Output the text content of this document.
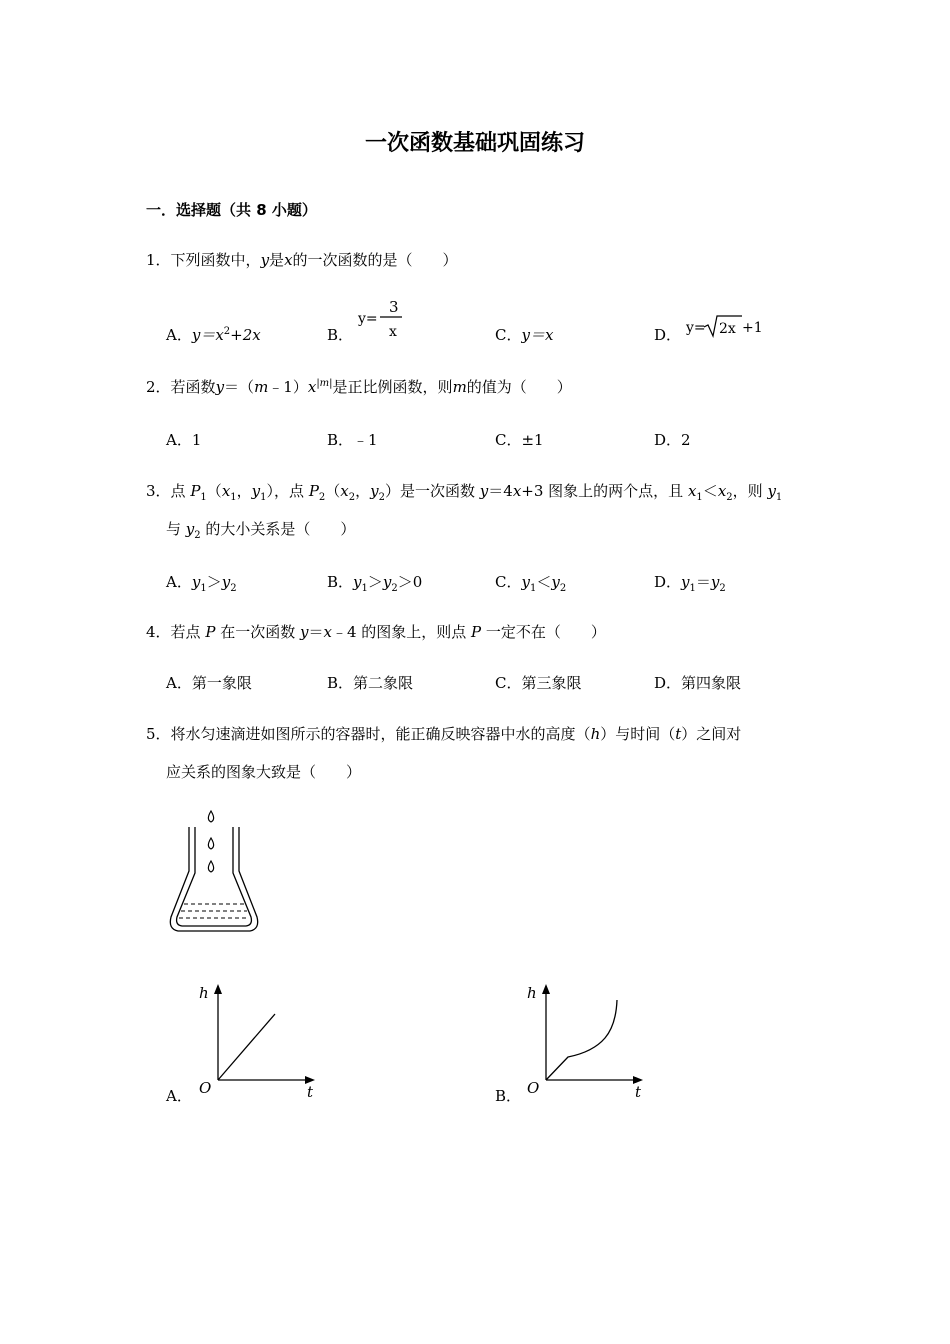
一次函数基础巩固练习
一．选择题（共 8 小题）
1．下列函数中，y是x的一次函数的是（　　）
A．$y=x^2+2x$	B．
y=
3
x	C．y＝x	D． y= 2x +1
2．若函数$y=(m﹣1)x^{|m|}$是正比例函数，则m的值为（　　）
A．1	B．﹣1	C．±1	D．2
3．点 $P_1(x_1$，$y_1$），点 $P_2(x_2$，$y_2$）是一次函数 y＝4x+3 图象上的两个点，且 $x_1<x_2$，则 $y_1$
与 $y_2$ 的大小关系是（　　）
A．$y_1>y_2$	B．$y_1>y_2>0$	C．$y_1<y_2$	D．$y_1=y_2$
4．若点 P 在一次函数 y＝x﹣4 的图象上，则点 P 一定不在（　　）
A．第一象限	B．第二象限	C．第三象限	D．第四象限
5．将水匀速滴进如图所示的容器时，能正确反映容器中水的高度（h）与时间（t）之间对
应关系的图象大致是（　　）
A．
h
t
O	B．
h
t
O
